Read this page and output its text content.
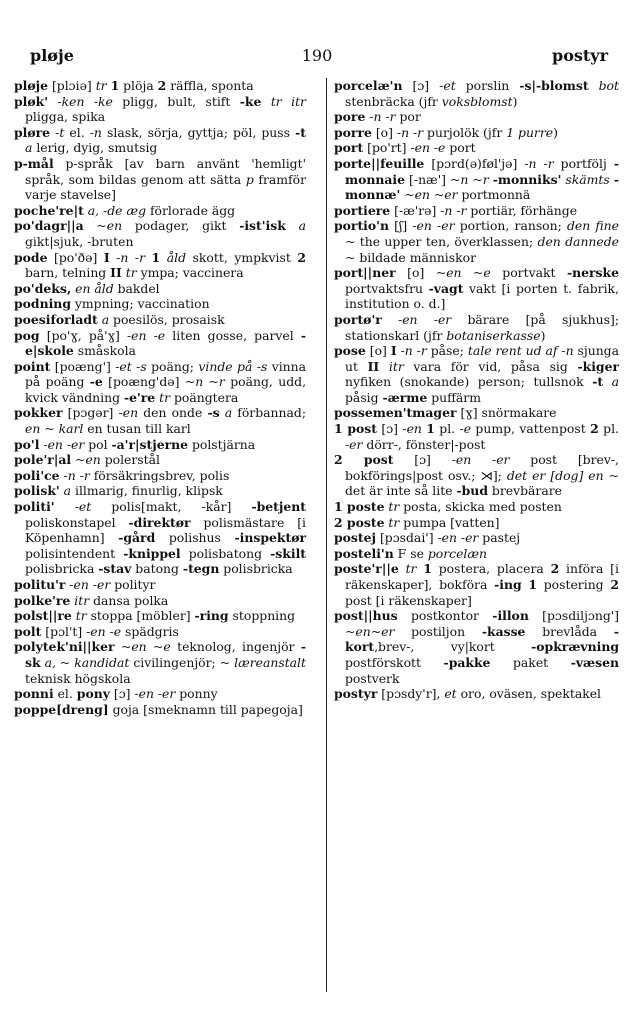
pløje	190	postyr
pløje [plɔiə] tr 1 plöja 2 räffla, sponta
pløk' -ken -ke pligg, bult, stift -ke tr itr pligga, spika
pløre -t el. -n slask, sörja, gyttja; pöl, puss -t a lerig, dyig, smutsig
p-mål p-språk [av barn använt 'hemligt' språk, som bildas genom att sätta p framför varje stavelse]
poche're|t a, -de æg förlorade ägg
po'dagr||a ~en podager, gikt -ist'isk a gikt|sjuk, -bruten
pode [po'ðə] I -n -r 1 åld skott, ympkvist 2 barn, telning II tr ympa; vaccinera
po'deks, en åld bakdel
podning ympning; vaccination
poesiforladt a poesilös, prosaisk
pog [po'ɣ, på'ɣ] -en -e liten gosse, parvel -e|skole småskola
point [poæng'] -et -s poäng; vinde på -s vinna på poäng -e [poæng'də] ~n ~r poäng, udd, kvick vändning -e're tr poängtera
pokker [pɔgər] -en den onde -s a förbannad; en ~ karl en tusan till karl
po'l -en -er pol -a'r|stjerne polstjärna
pole'r|al ~en polerstål
poli'ce -n -r försäkringsbrev, polis
polisk' a illmarig, finurlig, klipsk
politi' -et polis[makt, -kår] -betjent poliskonstapel -direktør polismästare [i Köpenhamn] -gård polishus -inspektør polisintendent -knippel polisbatong -skilt polisbricka -stav batong -tegn polisbricka
politu'r -en -er polityr
polke're itr dansa polka
polst||re tr stoppa [möbler] -ring stoppning
polt [pɔl't] -en -e spädgris
polytek'ni||ker ~en ~e teknolog, ingenjör -sk a, ~ kandidat civilingenjör; ~ læreanstalt teknisk högskola
ponni el. pony [ɔ] -en -er ponny
poppe[dreng] goja [smeknamn till papegoja]
porcelæ'n [ɔ] -et porslin -s|-blomst bot stenbräcka (jfr voksblomst)
pore -n -r por
porre [o] -n -r purjolök (jfr 1 purre)
port [po'rt] -en -e port
porte||feuille [pɔrd(ə)føl'jə] -n -r portfölj -monnaie [-næ'] ~n ~r -monniks' skämts -monnæ' ~en ~er portmonnä
portiere [-æ'rə] -n -r portiär, förhänge
portio'n [ʃ] -en -er portion, ranson; den fine ~ the upper ten, överklassen; den dannede ~ bildade människor
port||ner [o] ~en ~e portvakt -nerske portvaktsfru -vagt vakt [i porten t. fabrik, institution o. d.]
portø'r -en -er bärare [på sjukhus]; stationskarl (jfr botaniserkasse)
pose [o] I -n -r påse; tale rent ud af -n sjunga ut II itr vara för vid, påsa sig -kiger nyfiken (snokande) person; tullsnok -t a påsig -ærme puffärm
possemen'tmager [ɣ] snörmakare
1 post [ɔ] -en 1 pl. -e pump, vattenpost 2 pl. -er dörr-, fönster|-post
2 post [ɔ] -en -er post [brev-, bokförings|post osv.; ⋊]; det er [dog] en ~ det är inte så lite -bud brevbärare
1 poste tr posta, skicka med posten
2 poste tr pumpa [vatten]
postej [pɔsdai'] -en -er pastej
posteli'n F se porcelæn
poste'r||e tr 1 postera, placera 2 införa [i räkenskaper], bokföra -ing 1 postering 2 post [i räkenskaper]
post||hus postkontor -illon [pɔsdiljɔng'] ~en~er postiljon -kasse brevlåda -kort,brev-, vy|kort -opkrævning postförskott -pakke paket -væsen postverk
postyr [pɔsdy'r], et oro, oväsen, spektakel
